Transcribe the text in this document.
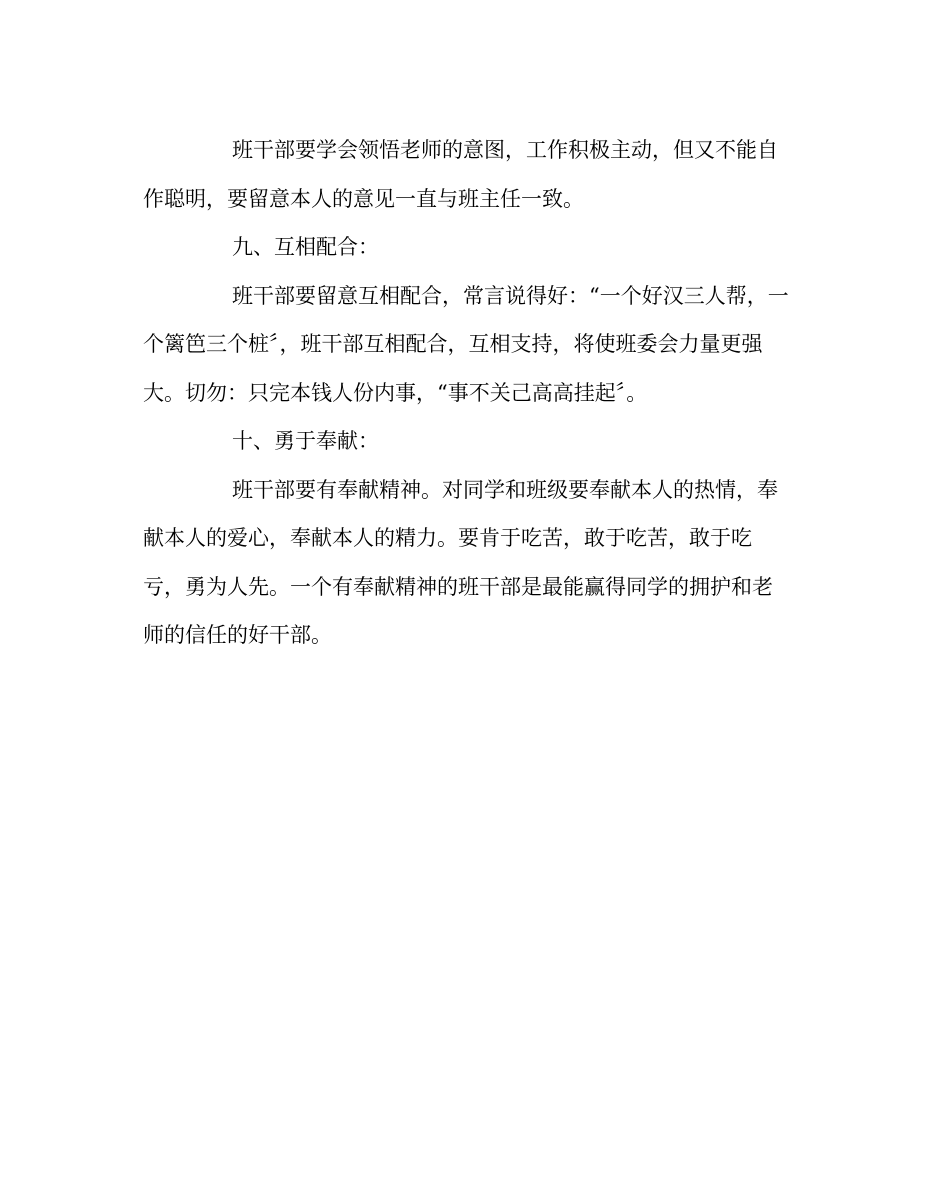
班干部要学会领悟老师的意图，工作积极主动，但又不能自
作聪明，要留意本人的意见一直与班主任一致。
九、互相配合：
班干部要留意互相配合，常言说得好：“一个好汉三人帮，一
个篱笆三个桩〞，班干部互相配合，互相支持，将使班委会力量更强
大。切勿：只完本钱人份内事，“事不关己高高挂起〞。
十、勇于奉献：
班干部要有奉献精神。对同学和班级要奉献本人的热情，奉
献本人的爱心，奉献本人的精力。要肯于吃苦，敢于吃苦，敢于吃
亏，勇为人先。一个有奉献精神的班干部是最能赢得同学的拥护和老
师的信任的好干部。
